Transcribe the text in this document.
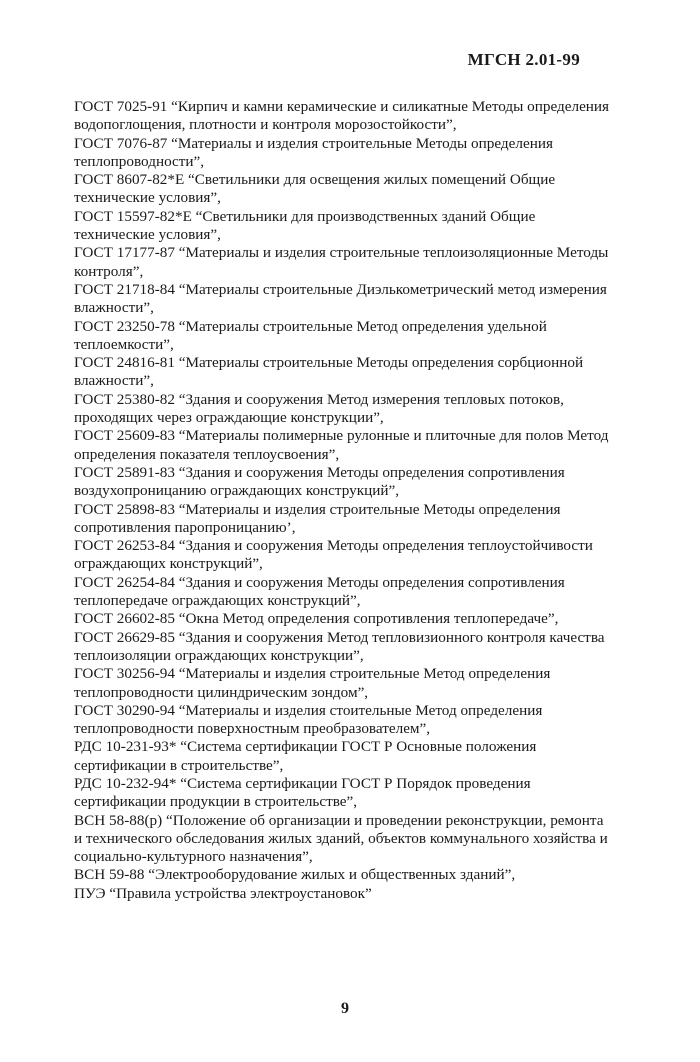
МГСН 2.01-99
ГОСТ 7025-91 “Кирпич и камни керамические и силикатные Методы определения водопоглощения, плотности и контроля морозостойкости”,
ГОСТ 7076-87 “Материалы и изделия строительные Методы определения теплопроводности”,
ГОСТ 8607-82*Е “Светильники для освещения жилых помещений Общие технические условия”,
ГОСТ 15597-82*Е “Светильники для производственных зданий Общие технические условия”,
ГОСТ 17177-87 “Материалы и изделия строительные теплоизоляционные Методы контроля”,
ГОСТ 21718-84 “Материалы строительные Диэлькометрический метод измерения влажности”,
ГОСТ 23250-78 “Материалы строительные Метод определения удельной теплоемкости”,
ГОСТ 24816-81 “Материалы строительные Методы определения сорбционной влажности”,
ГОСТ 25380-82 “Здания и сооружения Метод измерения тепловых потоков, проходящих через ограждающие конструкции”,
ГОСТ 25609-83 “Материалы полимерные рулонные и плиточные для полов Метод определения показателя теплоусвоения”,
ГОСТ 25891-83 “Здания и сооружения Методы определения сопротивления воздухопроницанию ограждающих конструкций”,
ГОСТ 25898-83 “Материалы и изделия строительные Методы определения сопротивления паропроницанию’,
ГОСТ 26253-84 “Здания и сооружения Методы определения теплоустойчивости ограждающих конструкций”,
ГОСТ 26254-84 “Здания и сооружения Методы определения сопротивления теплопередаче ограждающих конструкций”,
ГОСТ 26602-85 “Окна Метод определения сопротивления теплопередаче”,
ГОСТ 26629-85 “Здания и сооружения Метод тепловизионного контроля качества теплоизоляции ограждающих конструкции”,
ГОСТ 30256-94 “Материалы и изделия строительные Метод определения теплопроводности цилиндрическим зондом”,
ГОСТ 30290-94 “Материалы и изделия стоительные Метод определения теплопроводности поверхностным преобразователем”,
РДС 10-231-93* “Система сертификации ГОСТ Р Основные положения сертификации в строительстве”,
РДС 10-232-94* “Система сертификации ГОСТ Р Порядок проведения сертификации продукции в строительстве”,
ВСН 58-88(р) “Положение об организации и проведении реконструкции, ремонта и технического обследования жилых зданий, объектов коммунального хозяйства и социально-культурного назначения”,
ВСН 59-88 “Электрооборудование жилых и общественных зданий”,
ПУЭ “Правила устройства электроустановок”
9
